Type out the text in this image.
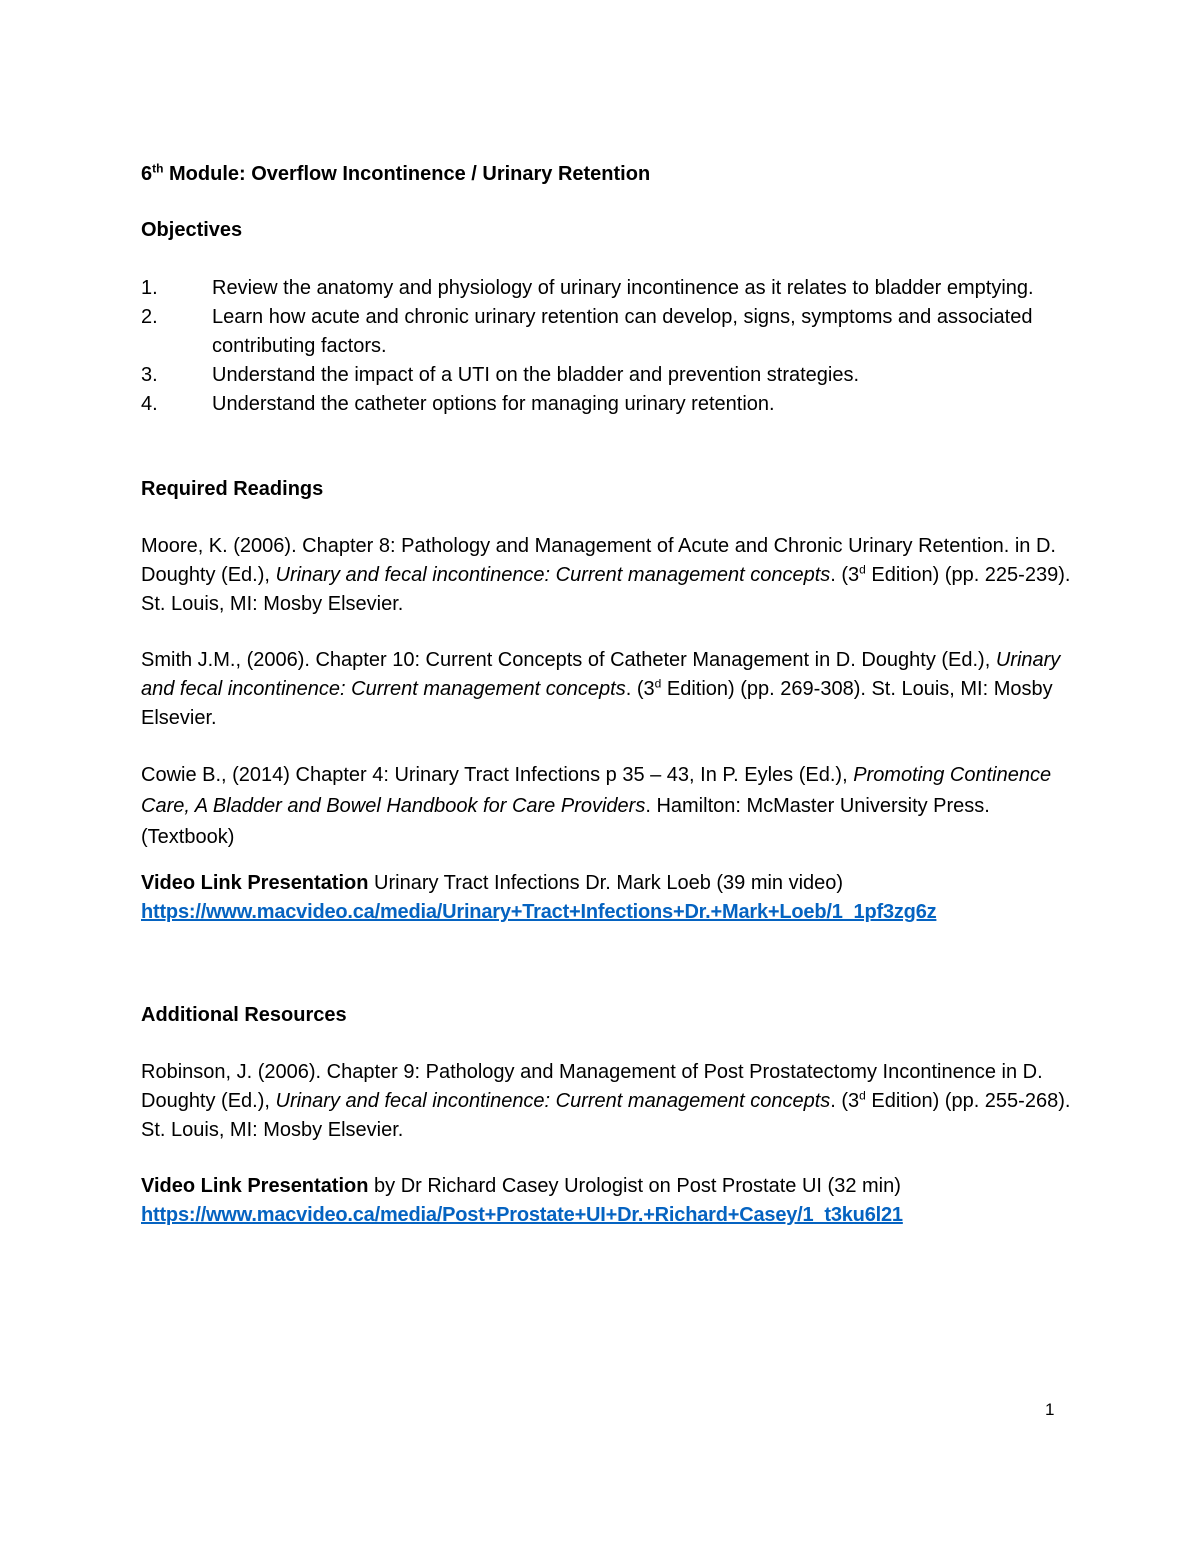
6th Module: Overflow Incontinence / Urinary Retention

Objectives

1.	Review the anatomy and physiology of urinary incontinence as it relates to bladder emptying.
2.	Learn how acute and chronic urinary retention can develop, signs, symptoms and associated contributing factors.
3.	Understand the impact of a UTI on the bladder and prevention strategies.
4.	Understand the catheter options for managing urinary retention.

Required Readings

Moore, K. (2006). Chapter 8: Pathology and Management of Acute and Chronic Urinary Retention. in D. Doughty (Ed.), Urinary and fecal incontinence: Current management concepts. (3$^d$ Edition) (pp. 225-239). St. Louis, MI: Mosby Elsevier.

Smith J.M., (2006). Chapter 10: Current Concepts of Catheter Management in D. Doughty (Ed.), Urinary and fecal incontinence: Current management concepts. (3$^d$ Edition) (pp. 269-308). St. Louis, MI: Mosby Elsevier.

Cowie B., (2014) Chapter 4: Urinary Tract Infections p 35 – 43, In P. Eyles (Ed.), Promoting Continence Care, A Bladder and Bowel Handbook for Care Providers. Hamilton: McMaster University Press. (Textbook)

Video Link Presentation Urinary Tract Infections Dr. Mark Loeb (39 min video)
https://www.macvideo.ca/media/Urinary+Tract+Infections+Dr.+Mark+Loeb/1_1pf3zg6z

Additional Resources

Robinson, J. (2006). Chapter 9: Pathology and Management of Post Prostatectomy Incontinence in D. Doughty (Ed.), Urinary and fecal incontinence: Current management concepts. (3$^d$ Edition) (pp. 255-268). St. Louis, MI: Mosby Elsevier.

Video Link Presentation by Dr Richard Casey Urologist on Post Prostate UI (32 min)
https://www.macvideo.ca/media/Post+Prostate+UI+Dr.+Richard+Casey/1_t3ku6l21

1
